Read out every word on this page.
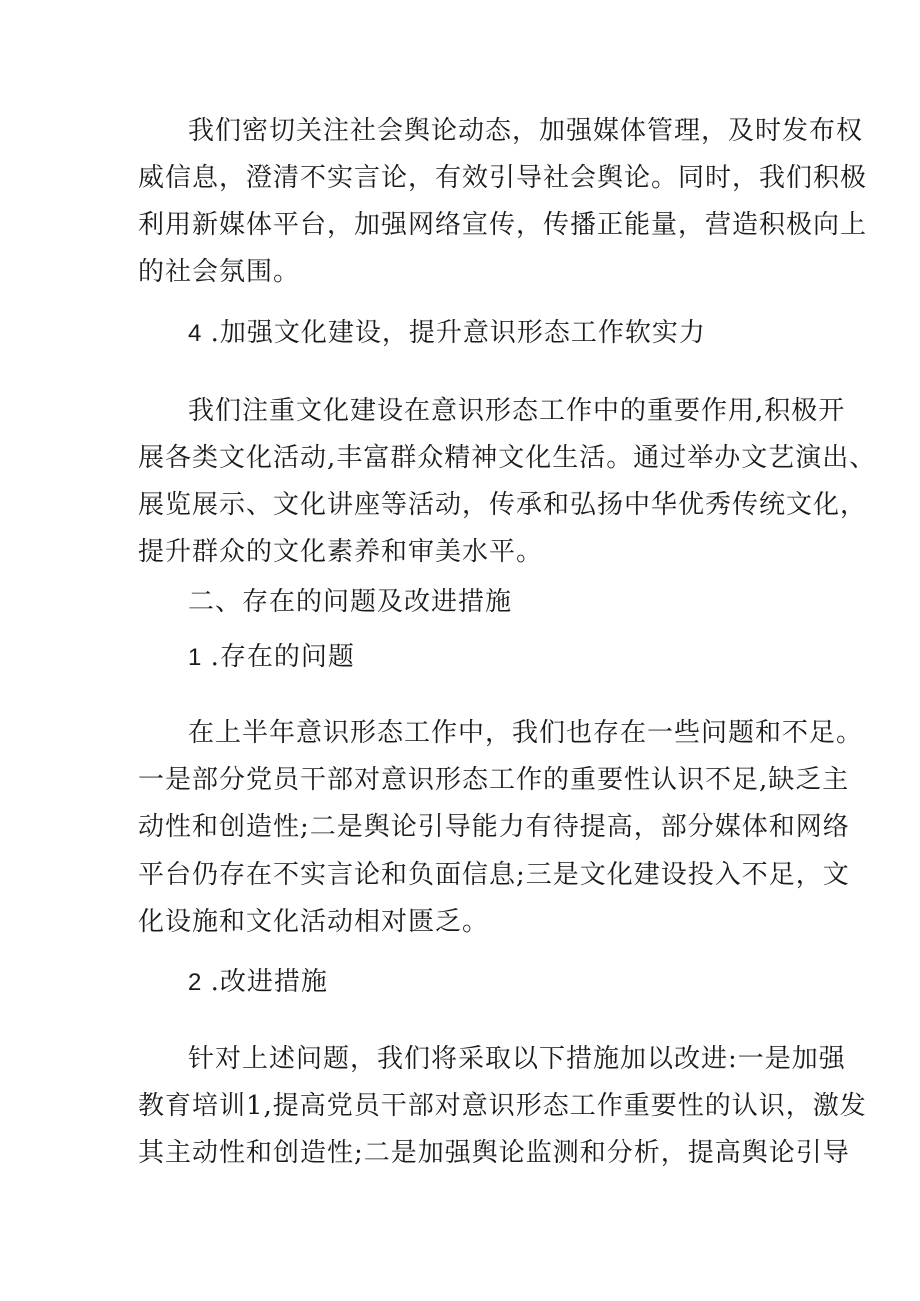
我们密切关注社会舆论动态，加强媒体管理，及时发布权
威信息，澄清不实言论，有效引导社会舆论。同时，我们积极
利用新媒体平台，加强网络宣传，传播正能量，营造积极向上
的社会氛围。
4 .加强文化建设，提升意识形态工作软实力
我们注重文化建设在意识形态工作中的重要作用,积极开
展各类文化活动,丰富群众精神文化生活。通过举办文艺演出、
展览展示、文化讲座等活动，传承和弘扬中华优秀传统文化，
提升群众的文化素养和审美水平。
二、存在的问题及改进措施
1 .存在的问题
在上半年意识形态工作中，我们也存在一些问题和不足。
一是部分党员干部对意识形态工作的重要性认识不足,缺乏主
动性和创造性;二是舆论引导能力有待提高，部分媒体和网络
平台仍存在不实言论和负面信息;三是文化建设投入不足，文
化设施和文化活动相对匮乏。
2 .改进措施
针对上述问题，我们将采取以下措施加以改进:一是加强
教育培训1,提高党员干部对意识形态工作重要性的认识，激发
其主动性和创造性;二是加强舆论监测和分析，提高舆论引导
